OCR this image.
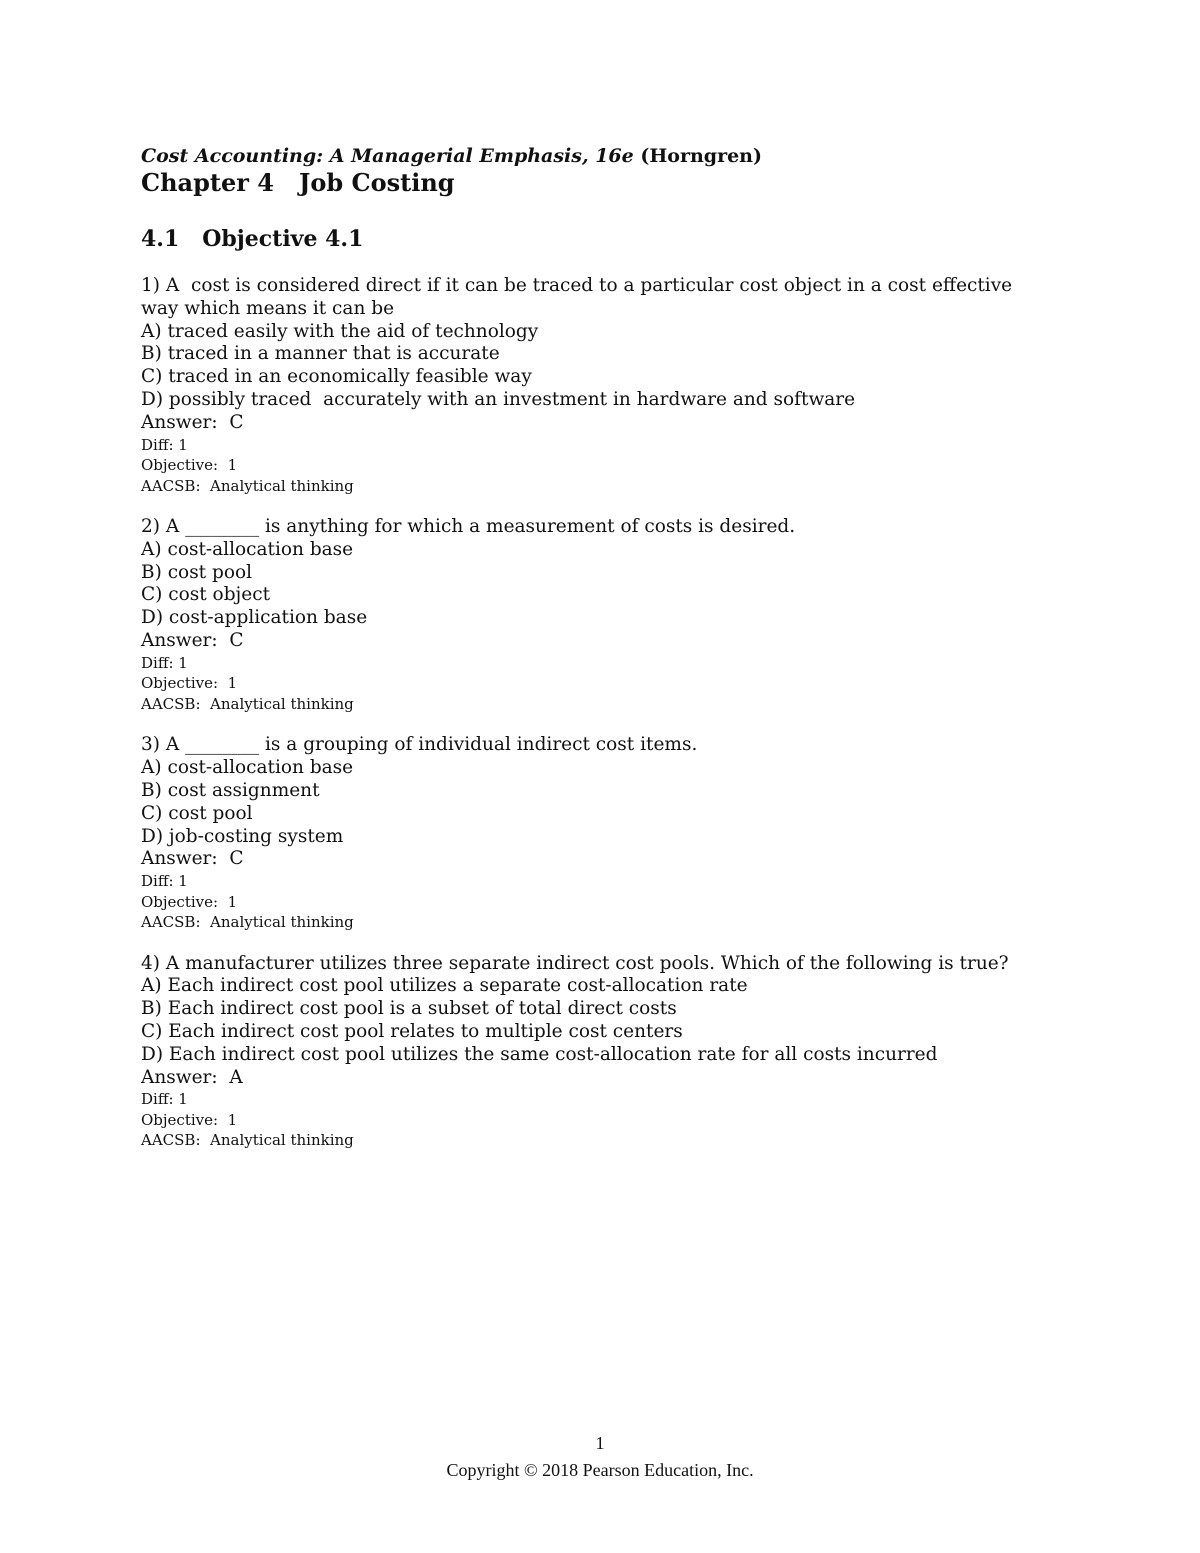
Cost Accounting: A Managerial Emphasis, 16e (Horngren)
Chapter 4   Job Costing
4.1   Objective 4.1

1) A  cost is considered direct if it can be traced to a particular cost object in a cost effective way which means it can be

A) traced easily with the aid of technology

B) traced in a manner that is accurate

C) traced in an economically feasible way

D) possibly traced  accurately with an investment in hardware and software

Answer:  C

Diff: 1

Objective:  1

AACSB:  Analytical thinking

2) A ________ is anything for which a measurement of costs is desired.

A) cost-allocation base

B) cost pool

C) cost object

D) cost-application base

Answer:  C

Diff: 1

Objective:  1

AACSB:  Analytical thinking

3) A ________ is a grouping of individual indirect cost items.

A) cost-allocation base

B) cost assignment

C) cost pool

D) job-costing system

Answer:  C

Diff: 1

Objective:  1

AACSB:  Analytical thinking

4) A manufacturer utilizes three separate indirect cost pools. Which of the following is true?

A) Each indirect cost pool utilizes a separate cost-allocation rate

B) Each indirect cost pool is a subset of total direct costs

C) Each indirect cost pool relates to multiple cost centers

D) Each indirect cost pool utilizes the same cost-allocation rate for all costs incurred

Answer:  A

Diff: 1

Objective:  1

AACSB:  Analytical thinking

1
Copyright © 2018 Pearson Education, Inc.
